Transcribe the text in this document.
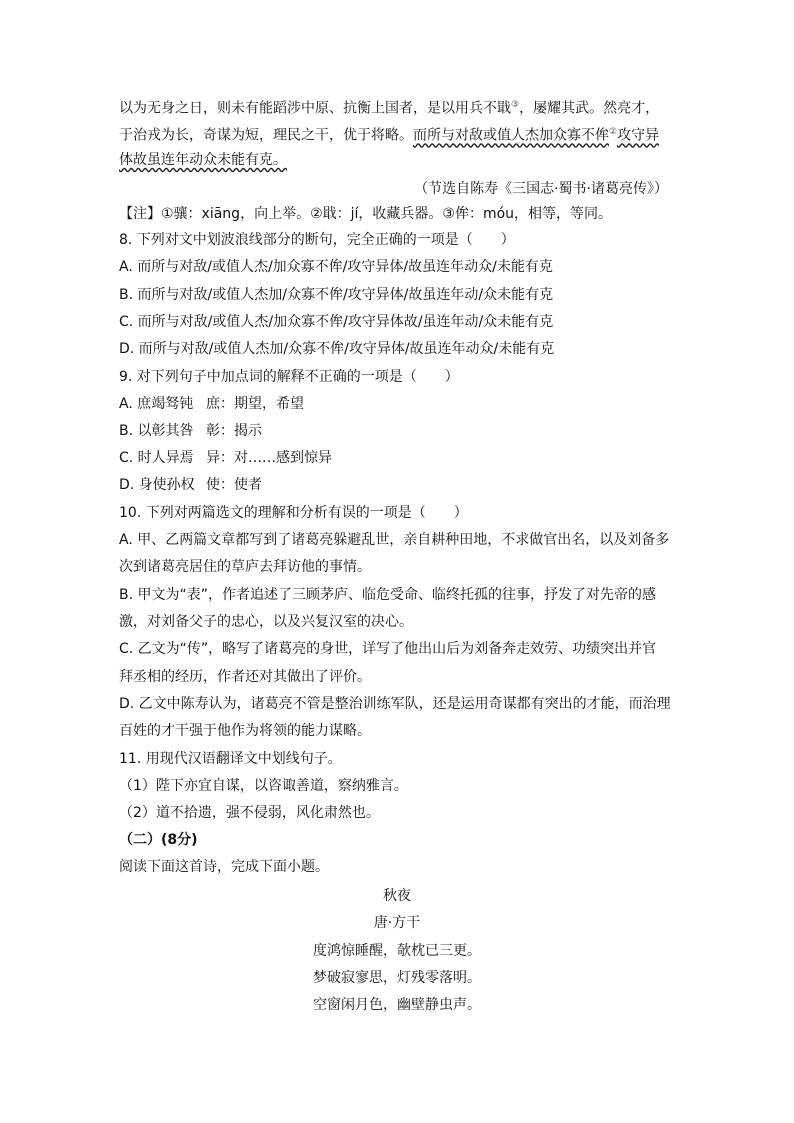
以为无身之日，则未有能蹈涉中原、抗衡上国者，是以用兵不戢③，屡耀其武。然亮才，
于治戎为长，奇谋为短，理民之干，优于将略。而所与对敌或值人杰加众寡不侔②攻守异
体故虽连年动众未能有克。
（节选自陈寿《三国志·蜀书·诸葛亮传》）
【注】①骧：xiāng，向上举。②戢：jí，收藏兵器。③侔：móu，相等，等同。
8. 下列对文中划波浪线部分的断句，完全正确的一项是（　　）
A. 而所与对敌/或值人杰/加众寡不侔/攻守异体/故虽连年动众/未能有克
B. 而所与对敌/或值人杰加/众寡不侔/攻守异体/故虽连年动/众未能有克
C. 而所与对敌/或值人杰/加众寡不侔/攻守异体故/虽连年动/众未能有克
D. 而所与对敌/或值人杰加/众寡不侔/攻守异体/故虽连年动众/未能有克
9. 对下列句子中加点词的解释不正确的一项是（　　）
A. 庶竭驽钝 庶：期望，希望
B. 以彰其咎 彰：揭示
C. 时人异焉 异：对……感到惊异
D. 身使孙权 使：使者
10. 下列对两篇选文的理解和分析有误的一项是（　　）
A. 甲、乙两篇文章都写到了诸葛亮躲避乱世，亲自耕种田地，不求做官出名，以及刘备多
次到诸葛亮居住的草庐去拜访他的事情。
B. 甲文为“表”，作者追述了三顾茅庐、临危受命、临终托孤的往事，抒发了对先帝的感
激，对刘备父子的忠心，以及兴复汉室的决心。
C. 乙文为“传”，略写了诸葛亮的身世，详写了他出山后为刘备奔走效劳、功绩突出并官
拜丞相的经历，作者还对其做出了评价。
D. 乙文中陈寿认为，诸葛亮不管是整治训练军队，还是运用奇谋都有突出的才能，而治理
百姓的才干强于他作为将领的能力谋略。
11. 用现代汉语翻译文中划线句子。
（1）陛下亦宜自谋，以咨诹善道，察纳雅言。
（2）道不拾遗，强不侵弱，风化肃然也。
（二）(8分)
阅读下面这首诗，完成下面小题。
秋夜
唐·方干
度鸿惊睡醒，欹枕已三更。
梦破寂寥思，灯残零落明。
空窗闲月色，幽壁静虫声。
